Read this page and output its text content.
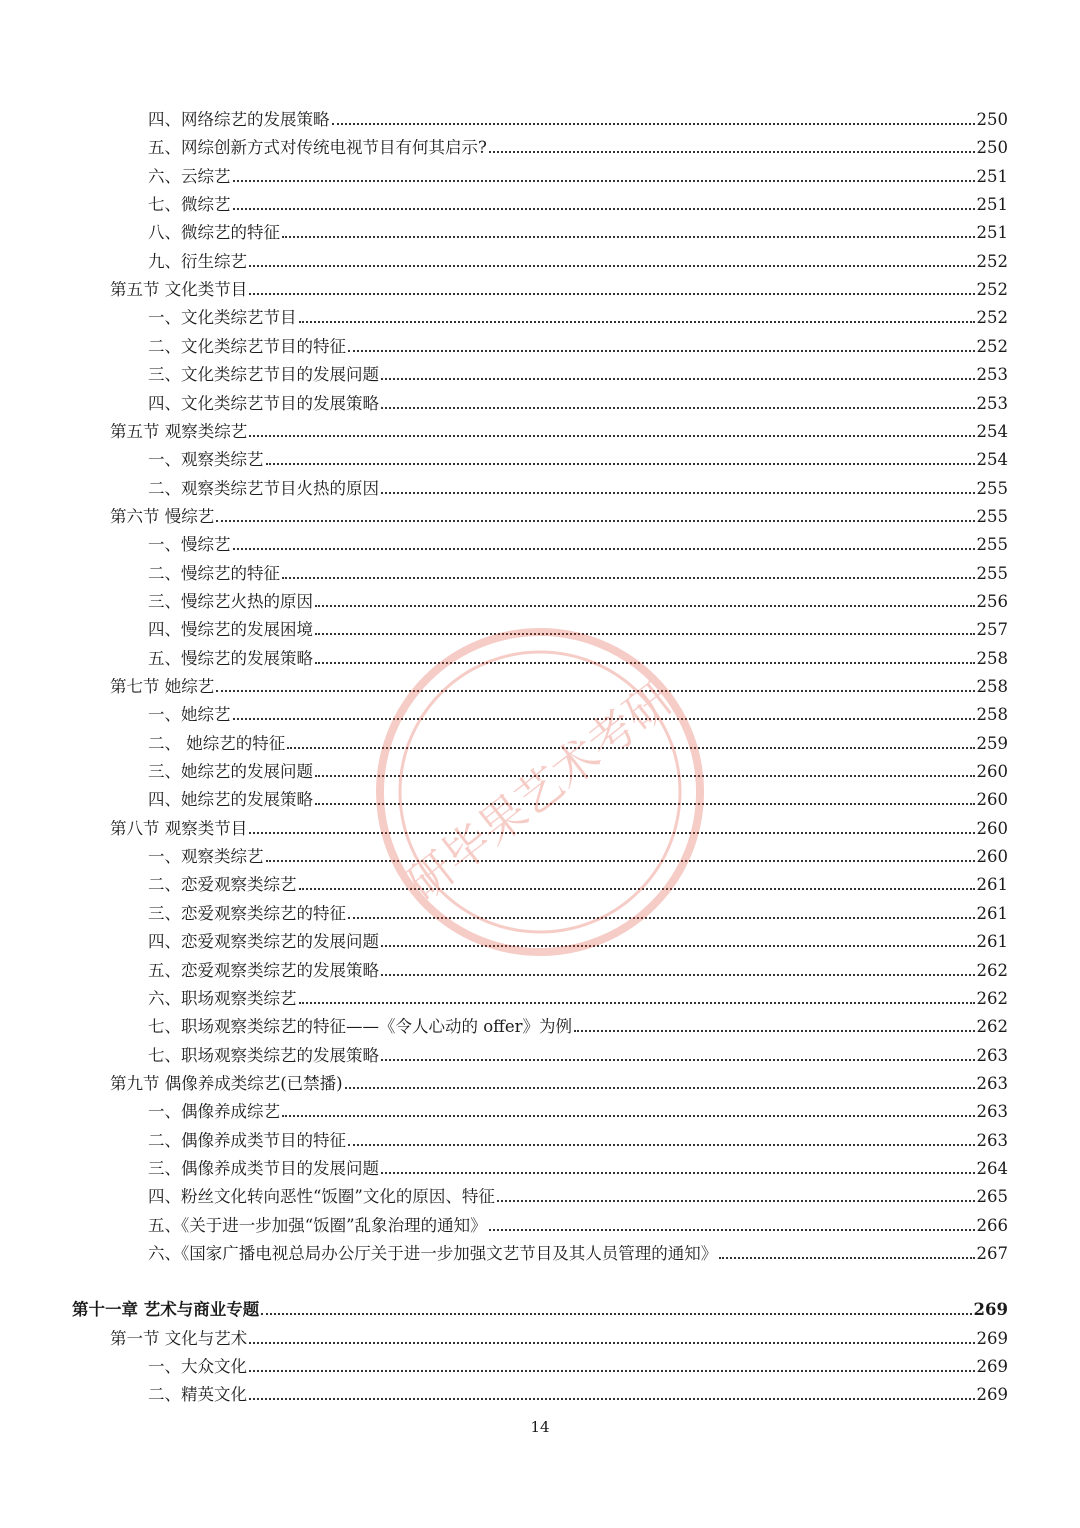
四、网络综艺的发展策略	250
五、网综创新方式对传统电视节目有何其启示?	250
六、云综艺	251
七、微综艺	251
八、微综艺的特征	251
九、衍生综艺	252
第五节 文化类节目	252
一、文化类综艺节目	252
二、文化类综艺节目的特征	252
三、文化类综艺节目的发展问题	253
四、文化类综艺节目的发展策略	253
第五节 观察类综艺	254
一、观察类综艺	254
二、观察类综艺节目火热的原因	255
第六节 慢综艺	255
一、慢综艺	255
二、慢综艺的特征	255
三、慢综艺火热的原因	256
四、慢综艺的发展困境	257
五、慢综艺的发展策略	258
第七节 她综艺	258
一、她综艺	258
二、 她综艺的特征	259
三、她综艺的发展问题	260
四、她综艺的发展策略	260
第八节 观察类节目	260
一、观察类综艺	260
二、恋爱观察类综艺	261
三、恋爱观察类综艺的特征	261
四、恋爱观察类综艺的发展问题	261
五、恋爱观察类综艺的发展策略	262
六、职场观察类综艺	262
七、职场观察类综艺的特征——《令人心动的 offer》为例	262
七、职场观察类综艺的发展策略	263
第九节 偶像养成类综艺(已禁播)	263
一、偶像养成综艺	263
二、偶像养成类节目的特征	263
三、偶像养成类节目的发展问题	264
四、粉丝文化转向恶性“饭圈”文化的原因、特征	265
五、《关于进一步加强“饭圈”乱象治理的通知》	266
六、《国家广播电视总局办公厅关于进一步加强文艺节目及其人员管理的通知》	267
第十一章 艺术与商业专题	269
第一节 文化与艺术	269
一、大众文化	269
二、精英文化	269
研毕果艺术考研
14
